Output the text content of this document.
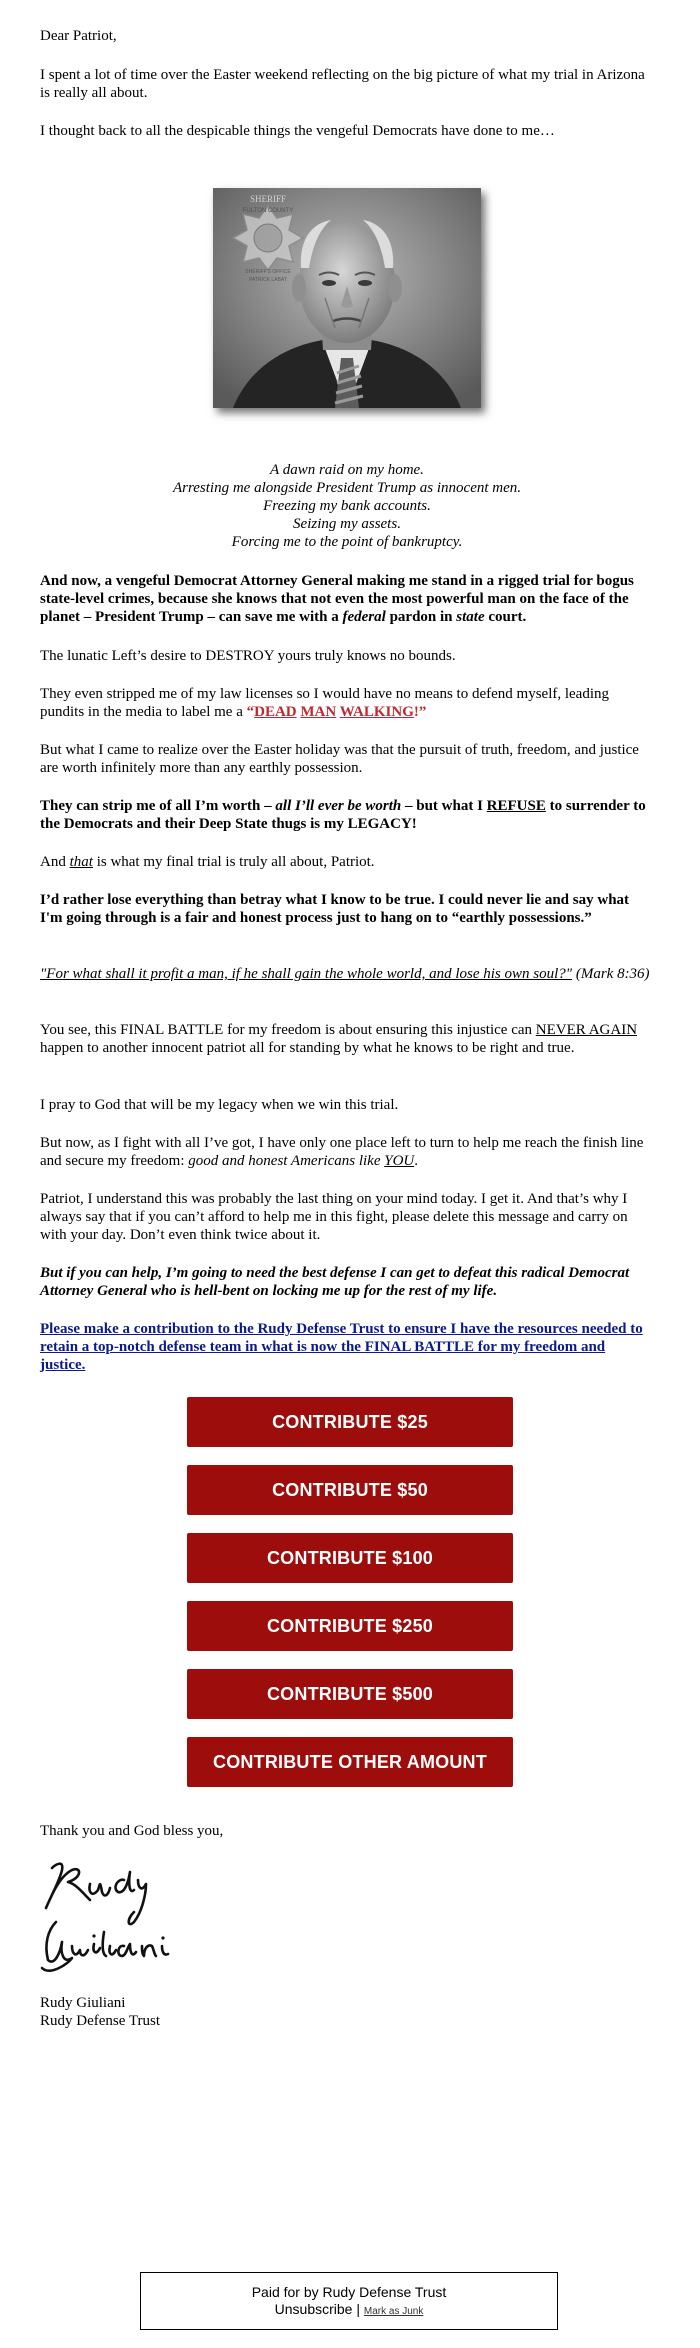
Dear Patriot,

I spent a lot of time over the Easter weekend reflecting on the big picture of what my trial in Arizona is really all about.

I thought back to all the despicable things the vengeful Democrats have done to me…

SHERIFF
FULTON COUNTY
SHERIFF'S OFFICE
PATRICK LABAT
A dawn raid on my home.
Arresting me alongside President Trump as innocent men.
Freezing my bank accounts.
Seizing my assets.
Forcing me to the point of bankruptcy.

And now, a vengeful Democrat Attorney General making me stand in a rigged trial for bogus state-level crimes, because she knows that not even the most powerful man on the face of the planet – President Trump – can save me with a federal pardon in state court.

The lunatic Left’s desire to DESTROY yours truly knows no bounds.

They even stripped me of my law licenses so I would have no means to defend myself, leading pundits in the media to label me a “DEAD MAN WALKING!”

But what I came to realize over the Easter holiday was that the pursuit of truth, freedom, and justice are worth infinitely more than any earthly possession.

They can strip me of all I’m worth – all I’ll ever be worth – but what I REFUSE to surrender to the Democrats and their Deep State thugs is my LEGACY!

And that is what my final trial is truly all about, Patriot.

I’d rather lose everything than betray what I know to be true. I could never lie and say what I'm going through is a fair and honest process just to hang on to “earthly possessions.”

"For what shall it profit a man, if he shall gain the whole world, and lose his own soul?" (Mark 8:36)

You see, this FINAL BATTLE for my freedom is about ensuring this injustice can NEVER AGAIN happen to another innocent patriot all for standing by what he knows to be right and true.

I pray to God that will be my legacy when we win this trial.

But now, as I fight with all I’ve got, I have only one place left to turn to help me reach the finish line and secure my freedom: good and honest Americans like YOU.

Patriot, I understand this was probably the last thing on your mind today. I get it. And that’s why I always say that if you can’t afford to help me in this fight, please delete this message and carry on with your day. Don’t even think twice about it.

But if you can help, I’m going to need the best defense I can get to defeat this radical Democrat Attorney General who is hell-bent on locking me up for the rest of my life.

Please make a contribution to the Rudy Defense Trust to ensure I have the resources needed to retain a top-notch defense team in what is now the FINAL BATTLE for my freedom and justice.

CONTRIBUTE $25
CONTRIBUTE $50
CONTRIBUTE $100
CONTRIBUTE $250
CONTRIBUTE $500
CONTRIBUTE OTHER AMOUNT

Thank you and God bless you,

Rudy Giuliani

Rudy Giuliani

Rudy Defense Trust

Paid for by Rudy Defense Trust
Unsubscribe | Mark as Junk
